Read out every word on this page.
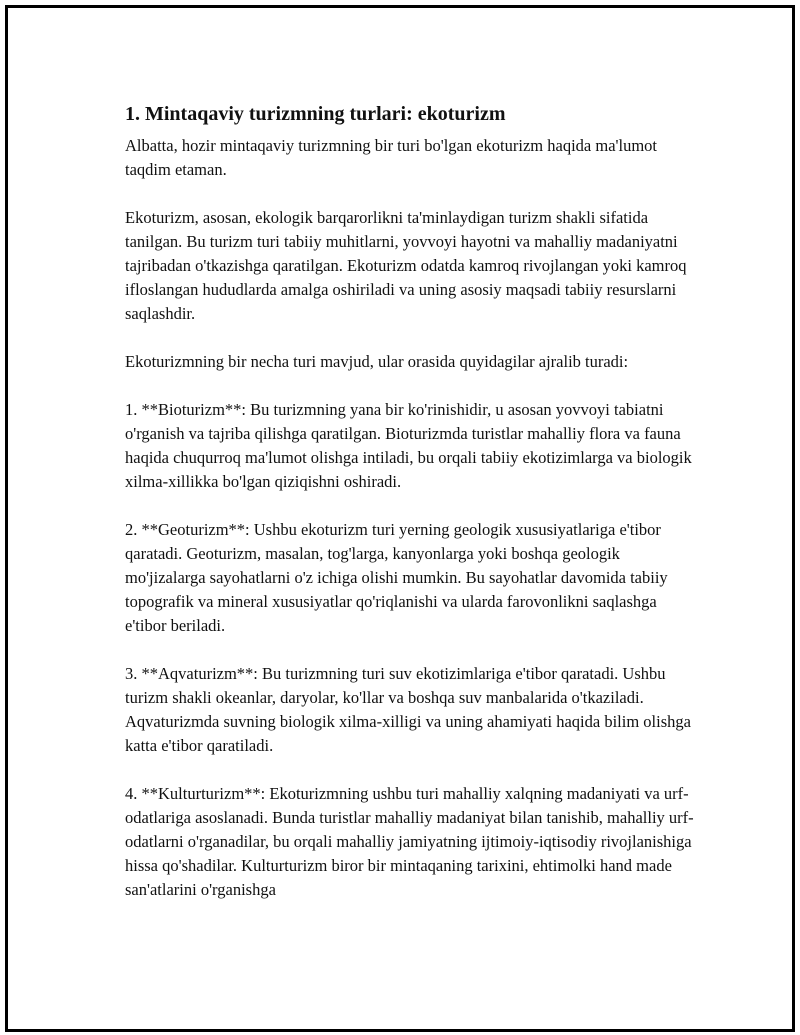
1. Mintaqaviy turizmning turlari: ekoturizm

Albatta, hozir mintaqaviy turizmning bir turi bo'lgan ekoturizm haqida ma'lumot taqdim etaman.

Ekoturizm, asosan, ekologik barqarorlikni ta'minlaydigan turizm shakli sifatida tanilgan. Bu turizm turi tabiiy muhitlarni, yovvoyi hayotni va mahalliy madaniyatni tajribadan o'tkazishga qaratilgan. Ekoturizm odatda kamroq rivojlangan yoki kamroq ifloslangan hududlarda amalga oshiriladi va uning asosiy maqsadi tabiiy resurslarni saqlashdir.

Ekoturizmning bir necha turi mavjud, ular orasida quyidagilar ajralib turadi:

1. **Bioturizm**: Bu turizmning yana bir ko'rinishidir, u asosan yovvoyi tabiatni o'rganish va tajriba qilishga qaratilgan. Bioturizmda turistlar mahalliy flora va fauna haqida chuqurroq ma'lumot olishga intiladi, bu orqali tabiiy ekotizimlarga va biologik xilma-xillikka bo'lgan qiziqishni oshiradi.

2. **Geoturizm**: Ushbu ekoturizm turi yerning geologik xususiyatlariga e'tibor qaratadi. Geoturizm, masalan, tog'larga, kanyonlarga yoki boshqa geologik mo'jizalarga sayohatlarni o'z ichiga olishi mumkin. Bu sayohatlar davomida tabiiy topografik va mineral xususiyatlar qo'riqlanishi va ularda farovonlikni saqlashga e'tibor beriladi.

3. **Aqvaturizm**: Bu turizmning turi suv ekotizimlariga e'tibor qaratadi. Ushbu turizm shakli okeanlar, daryolar, ko'llar va boshqa suv manbalarida o'tkaziladi. Aqvaturizmda suvning biologik xilma-xilligi va uning ahamiyati haqida bilim olishga katta e'tibor qaratiladi.

4. **Kulturturizm**: Ekoturizmning ushbu turi mahalliy xalqning madaniyati va urf-odatlariga asoslanadi. Bunda turistlar mahalliy madaniyat bilan tanishib, mahalliy urf-odatlarni o'rganadilar, bu orqali mahalliy jamiyatning ijtimoiy-iqtisodiy rivojlanishiga hissa qo'shadilar. Kulturturizm biror bir mintaqaning tarixini, ehtimolki hand made san'atlarini o'rganishga
